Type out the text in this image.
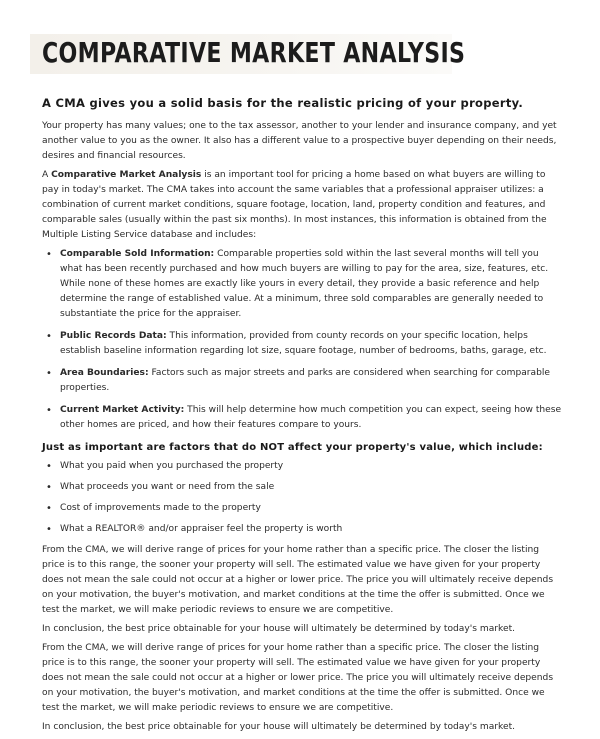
COMPARATIVE MARKET ANALYSIS
A CMA gives you a solid basis for the realistic pricing of your property.

Your property has many values; one to the tax assessor, another to your lender and insurance company, and yet another value to you as the owner. It also has a different value to a prospective buyer depending on their needs, desires and financial resources.

A Comparative Market Analysis is an important tool for pricing a home based on what buyers are willing to pay in today's market. The CMA takes into account the same variables that a professional appraiser utilizes: a combination of current market conditions, square footage, location, land, property condition and features, and comparable sales (usually within the past six months). In most instances, this information is obtained from the Multiple Listing Service database and includes:

• Comparable Sold Information: Comparable properties sold within the last several months will tell you what has been recently purchased and how much buyers are willing to pay for the area, size, features, etc. While none of these homes are exactly like yours in every detail, they provide a basic reference and help determine the range of established value. At a minimum, three sold comparables are generally needed to substantiate the price for the appraiser.
• Public Records Data: This information, provided from county records on your specific location, helps establish baseline information regarding lot size, square footage, number of bedrooms, baths, garage, etc.
• Area Boundaries: Factors such as major streets and parks are considered when searching for comparable properties.
• Current Market Activity: This will help determine how much competition you can expect, seeing how these other homes are priced, and how their features compare to yours.
Just as important are factors that do NOT affect your property's value, which include:
• What you paid when you purchased the property
• What proceeds you want or need from the sale
• Cost of improvements made to the property
• What a REALTOR® and/or appraiser feel the property is worth

From the CMA, we will derive range of prices for your home rather than a specific price. The closer the listing price is to this range, the sooner your property will sell. The estimated value we have given for your property does not mean the sale could not occur at a higher or lower price. The price you will ultimately receive depends on your motivation, the buyer's motivation, and market conditions at the time the offer is submitted. Once we test the market, we will make periodic reviews to ensure we are competitive.

In conclusion, the best price obtainable for your house will ultimately be determined by today's market.

From the CMA, we will derive range of prices for your home rather than a specific price. The closer the listing price is to this range, the sooner your property will sell. The estimated value we have given for your property does not mean the sale could not occur at a higher or lower price. The price you will ultimately receive depends on your motivation, the buyer's motivation, and market conditions at the time the offer is submitted. Once we test the market, we will make periodic reviews to ensure we are competitive.

In conclusion, the best price obtainable for your house will ultimately be determined by today's market.
